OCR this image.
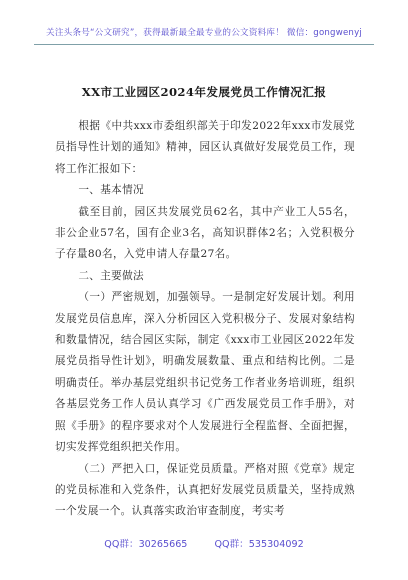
关注头条号“公文研究”，获得最新最全最专业的公文资料库！ 微信：gongwenyj
XX市工业园区2024年发展党员工作情况汇报

根据《中共xxx市委组织部关于印发2022年xxx市发展党员指导性计划的通知》精神，园区认真做好发展党员工作，现将工作汇报如下：

一、基本情况

截至目前，园区共发展党员62名，其中产业工人55名，非公企业57名，国有企业3名，高知识群体2名；入党积极分子存量80名，入党申请人存量27名。

二、主要做法

（一）严密规划，加强领导。一是制定好发展计划。利用发展党员信息库，深入分析园区入党积极分子、发展对象结构和数量情况，结合园区实际，制定《xxx市工业园区2022年发展党员指导性计划》，明确发展数量、重点和结构比例。二是明确责任。举办基层党组织书记党务工作者业务培训班，组织各基层党务工作人员认真学习《广西发展党员工作手册》，对照《手册》的程序要求对个人发展进行全程监督、全面把握，切实发挥党组织把关作用。

（二）严把入口，保证党员质量。严格对照《党章》规定的党员标准和入党条件，认真把好发展党员质量关，坚持成熟一个发展一个。认真落实政治审查制度，考实考

QQ群：30265665	QQ群：535304092
